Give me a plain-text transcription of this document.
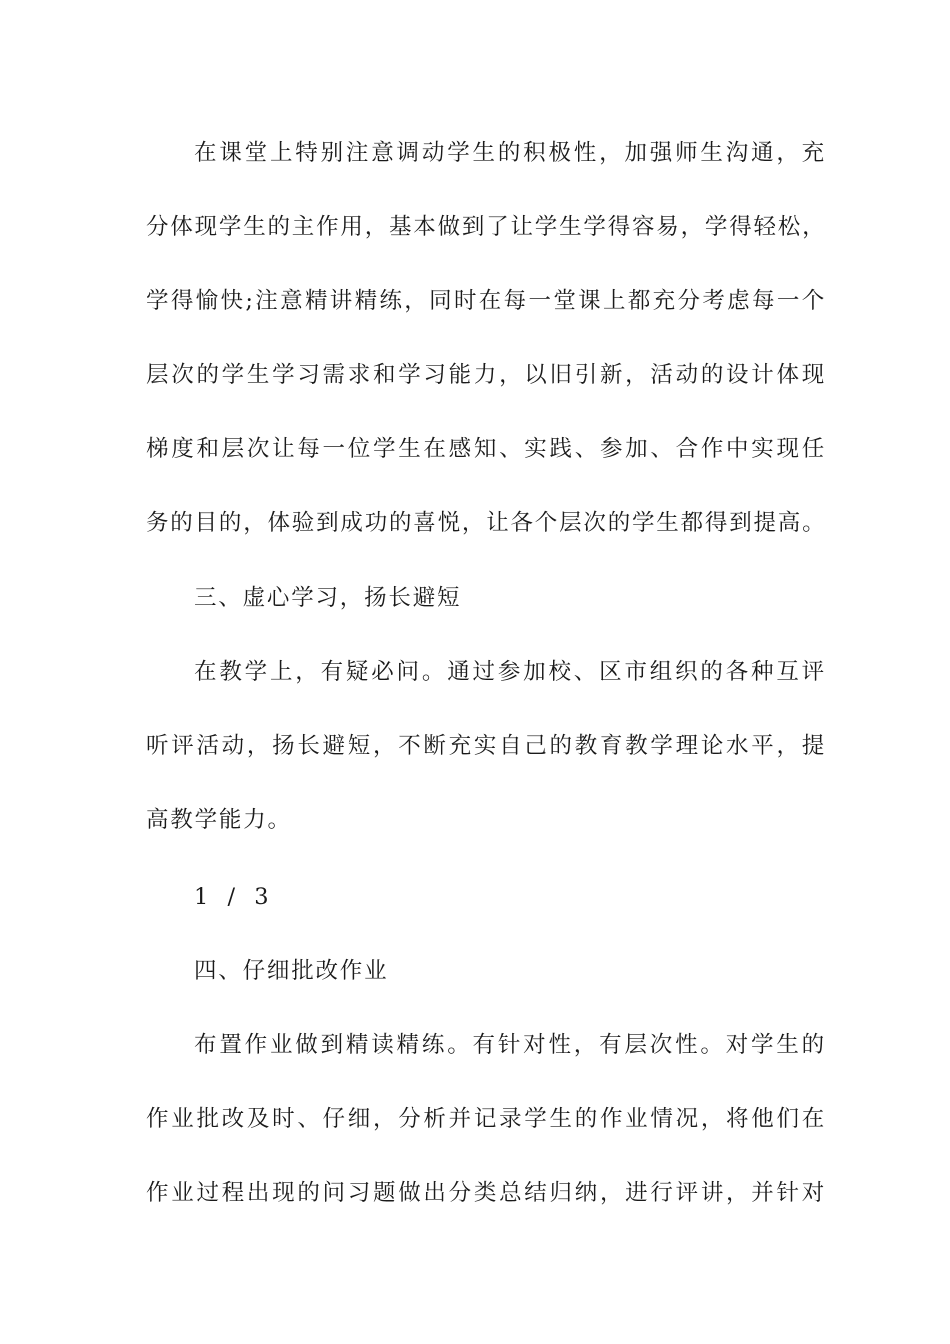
在课堂上特别注意调动学生的积极性，加强师生沟通，充
分体现学生的主作用，基本做到了让学生学得容易，学得轻松，
学得愉快;注意精讲精练，同时在每一堂课上都充分考虑每一个
层次的学生学习需求和学习能力，以旧引新，活动的设计体现
梯度和层次让每一位学生在感知、实践、参加、合作中实现任
务的目的，体验到成功的喜悦，让各个层次的学生都得到提高。
三、虚心学习，扬长避短
在教学上，有疑必问。通过参加校、区市组织的各种互评
听评活动，扬长避短，不断充实自己的教育教学理论水平，提
高教学能力。
1 / 3
四、仔细批改作业
布置作业做到精读精练。有针对性，有层次性。对学生的
作业批改及时、仔细，分析并记录学生的作业情况，将他们在
作业过程出现的问习题做出分类总结归纳，进行评讲，并针对
